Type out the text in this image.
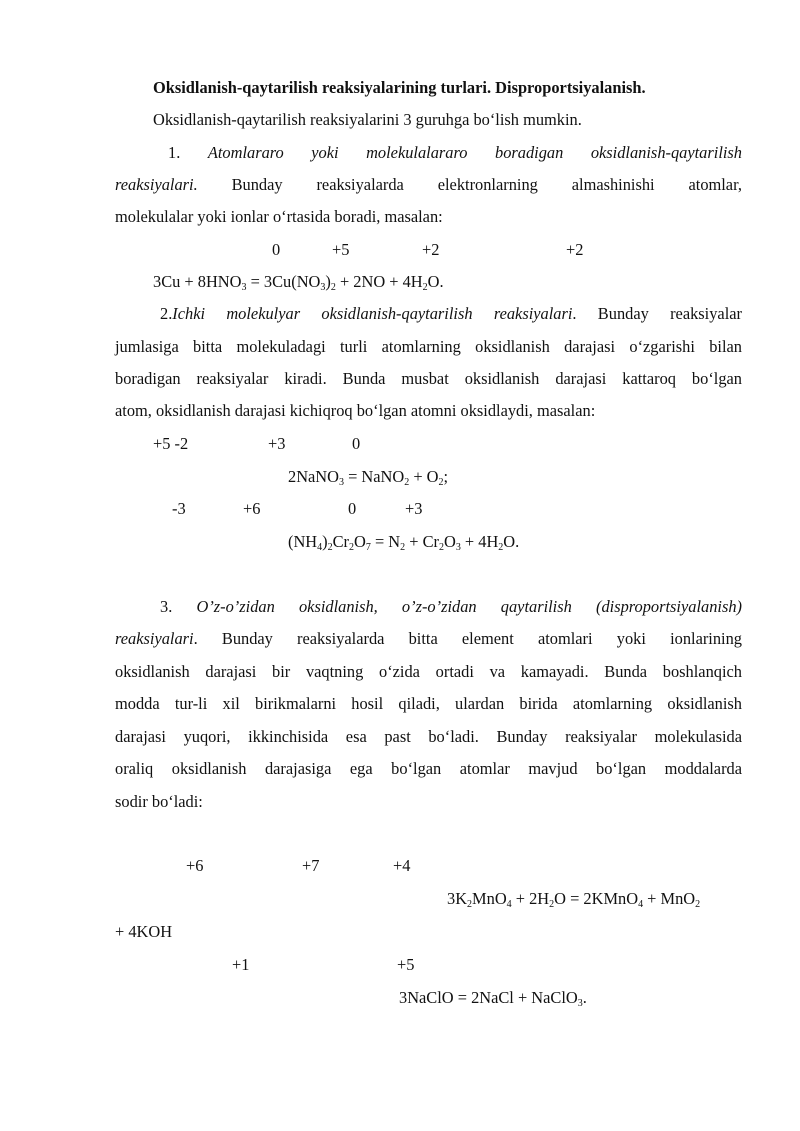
Oksidlanish-qaytarilish reaksiyalarining turlari. Disproportsiyalanish.
Oksidlanish-qaytarilish reaksiyalarini 3 guruhga bo‘lish mumkin.
1. Atomlararo yoki molekulalararo boradigan oksidlanish-qaytarilish
reaksiyalari. Bunday reaksiyalarda elektronlarning almashinishi atomlar,
molekulalar yoki ionlar o‘rtasida boradi, masalan:
0	+5	+2	+2
$3Cu + 8HNO_3 = 3Cu(NO_3)_2 + 2NO + 4H_2O$.
2.Ichki molekulyar oksidlanish-qaytarilish reaksiyalari. Bunday reaksiyalar
jumlasiga bitta molekuladagi turli atomlarning oksidlanish darajasi o‘zgarishi bilan
boradigan reaksiyalar kiradi. Bunda musbat oksidlanish darajasi kattaroq bo‘lgan
atom, oksidlanish darajasi kichiqroq bo‘lgan atomni oksidlaydi, masalan:
+5 -2	+3	0
2NaNO$_3$ = NaNO$_2$ + $O_2$;
-3	+6	0	+3
$(NH_4)_2Cr_2O_7 = N_2 + Cr_2O_3 + 4H_2O$.
3. O’z-o’zidan oksidlanish, o’z-o’zidan qaytarilish (disproportsiyalanish)
reaksiyalari. Bunday reaksiyalarda bitta element atomlari yoki ionlarining
oksidlanish darajasi bir vaqtning o‘zida ortadi va kamayadi. Bunda boshlanqich
modda tur-li xil birikmalarni hosil qiladi, ulardan birida atomlarning oksidlanish
darajasi yuqori, ikkinchisida esa past bo‘ladi. Bunday reaksiyalar molekulasida
oraliq oksidlanish darajasiga ega bo‘lgan atomlar mavjud bo‘lgan moddalarda
sodir bo‘ladi:
+6	+7	+4
$3K_2MnO_4 + 2H_2O$ = 2KMnO$_4$ + MnO$_2$
+ 4KOH
+1	+5
3NaClO = 2NaCl + NaClO$_3$.
